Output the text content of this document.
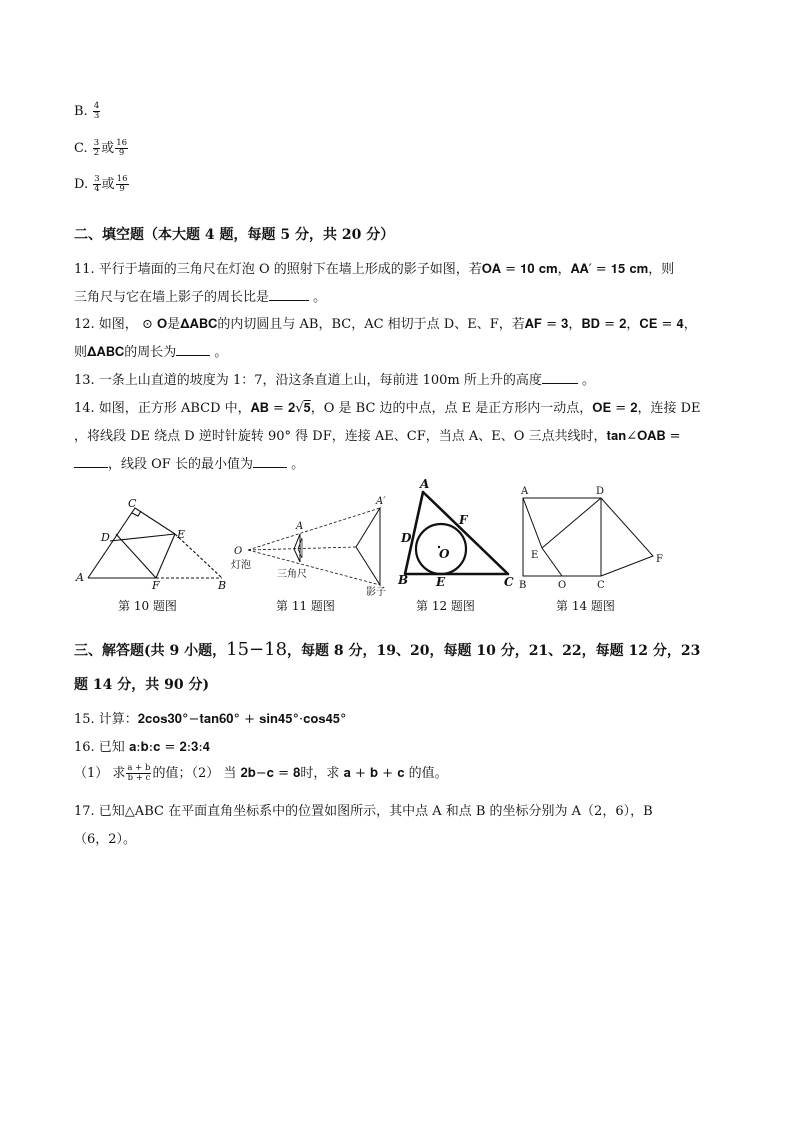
B. $\frac{4}{3}$
C. $\frac{3}{2}$ 或 $\frac{16}{9}$
D. $\frac{3}{4}$ 或 $\frac{16}{9}$
二、填空题（本大题 4 题，每题 5 分，共 20 分）
11. 平行于墙面的三角尺在灯泡 O 的照射下在墙上形成的影子如图，若𝐎𝐀 = 𝟏𝟎 𝐜𝐦，𝐀𝐀′ = 𝟏𝟓 𝐜𝐦，则
三角尺与它在墙上影子的周长比是	。
12. 如图， ⊙ 𝐎是𝚫𝐀𝐁𝐂的内切圆且与 AB，BC，AC 相切于点 D、E、F，若𝐀𝐅 = 𝟑，𝐁𝐃 = 𝟐，𝐂𝐄 = 𝟒，
则𝚫𝐀𝐁𝐂的周长为	。
13. 一条上山直道的坡度为 1：7，沿这条直道上山，每前进 100m 所上升的高度	。
14. 如图，正方形 ABCD 中，𝐀𝐁 = 𝟐√𝟓，O 是 BC 边的中点，点 E 是正方形内一动点，𝐎𝐄 = 𝟐，连接 DE
，将线段 DE 绕点 D 逆时针旋转 90° 得 DF，连接 AE、CF，当点 A、E、O 三点共线时，𝐭𝐚𝐧∠𝐎𝐀𝐁 =
，线段 OF 长的最小值为	。
C
D	E
A
F	B
第 10 题图
A
A′
O
灯泡
三角尺
影子
第 11 题图
A
F
D
O
B E	C
第 12 题图
A	D
E	F
B	O	C
第 14 题图
三、解答题(共 9 小题，15−18，每题 8 分，19、20，每题 10 分，21、22，每题 12 分，23
题 14 分，共 90 分)
15. 计算：𝟐𝐜𝐨𝐬𝟑𝟎°−𝐭𝐚𝐧𝟔𝟎° + 𝐬𝐢𝐧𝟒𝟓°·𝐜𝐨𝐬𝟒𝟓°
16. 已知 𝐚:𝐛:𝐜 = 𝟐:𝟑:𝟒
（1） 求 $\frac{a + b}{b + c}$ 的值；（2） 当 𝟐𝐛−𝐜 = 𝟖时，求 𝐚 + 𝐛 + 𝐜 的值。
17. 已知△ABC 在平面直角坐标系中的位置如图所示，其中点 A 和点 B 的坐标分别为 A（2，6），B
（6，2）。
